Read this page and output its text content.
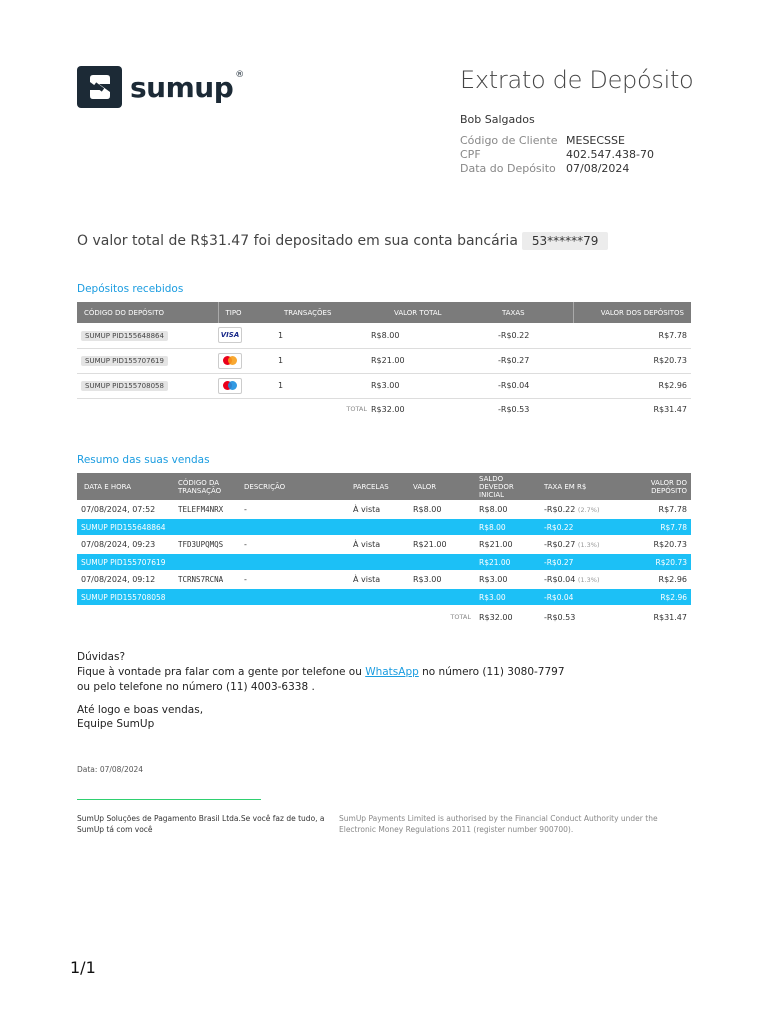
sumup ®	Extrato de Depósito
Bob Salgados
Código de Cliente MESECSSE
CPF	402.547.438-70
Data do Depósito 07/08/2024
O valor total de R$31.47 foi depositado em sua conta bancária	53******79
Depósitos recebidos
CÓDIGO DO DEPÓSITO	TIPO	TRANSAÇÕES	VALOR TOTAL	TAXAS	VALOR DOS DEPÓSITOS
SUMUP PID155648864	VISA	1	R$8.00	-R$0.22	R$7.78
SUMUP PID155707619		1	R$21.00	-R$0.27	R$20.73
SUMUP PID155708058		1	R$3.00	-R$0.04	R$2.96
		TOTAL	R$32.00	-R$0.53	R$31.47
Resumo das suas vendas
DATA E HORA	CÓDIGO DA TRANSAÇÃO	DESCRIÇÃO	PARCELAS	VALOR	SALDO DEVEDOR INICIAL	TAXA EM R$	VALOR DO DEPÓSITO
07/08/2024, 07:52	TELEFM4NRX	-	À vista	R$8.00	R$8.00	-R$0.22 (2.7%)	R$7.78
SUMUP PID155648864					R$8.00	-R$0.22	R$7.78
07/08/2024, 09:23	TFD3UPQMQS	-	À vista	R$21.00	R$21.00	-R$0.27 (1.3%)	R$20.73
SUMUP PID155707619					R$21.00	-R$0.27	R$20.73
07/08/2024, 09:12	TCRNS7RCNA	-	À vista	R$3.00	R$3.00	-R$0.04 (1.3%)	R$2.96
SUMUP PID155708058					R$3.00	-R$0.04	R$2.96
TOTAL					R$32.00	-R$0.53	R$31.47
Dúvidas?
Fique à vontade pra falar com a gente por telefone ou WhatsApp no número (11) 3080-7797
ou pelo telefone no número (11) 4003-6338 .
Até logo e boas vendas,
Equipe SumUp
Data: 07/08/2024
SumUp Soluções de Pagamento Brasil Ltda.Se você faz de tudo, a SumUp tá com você
SumUp Payments Limited is authorised by the Financial Conduct Authority under the Electronic Money Regulations 2011 (register number 900700).
1/1
